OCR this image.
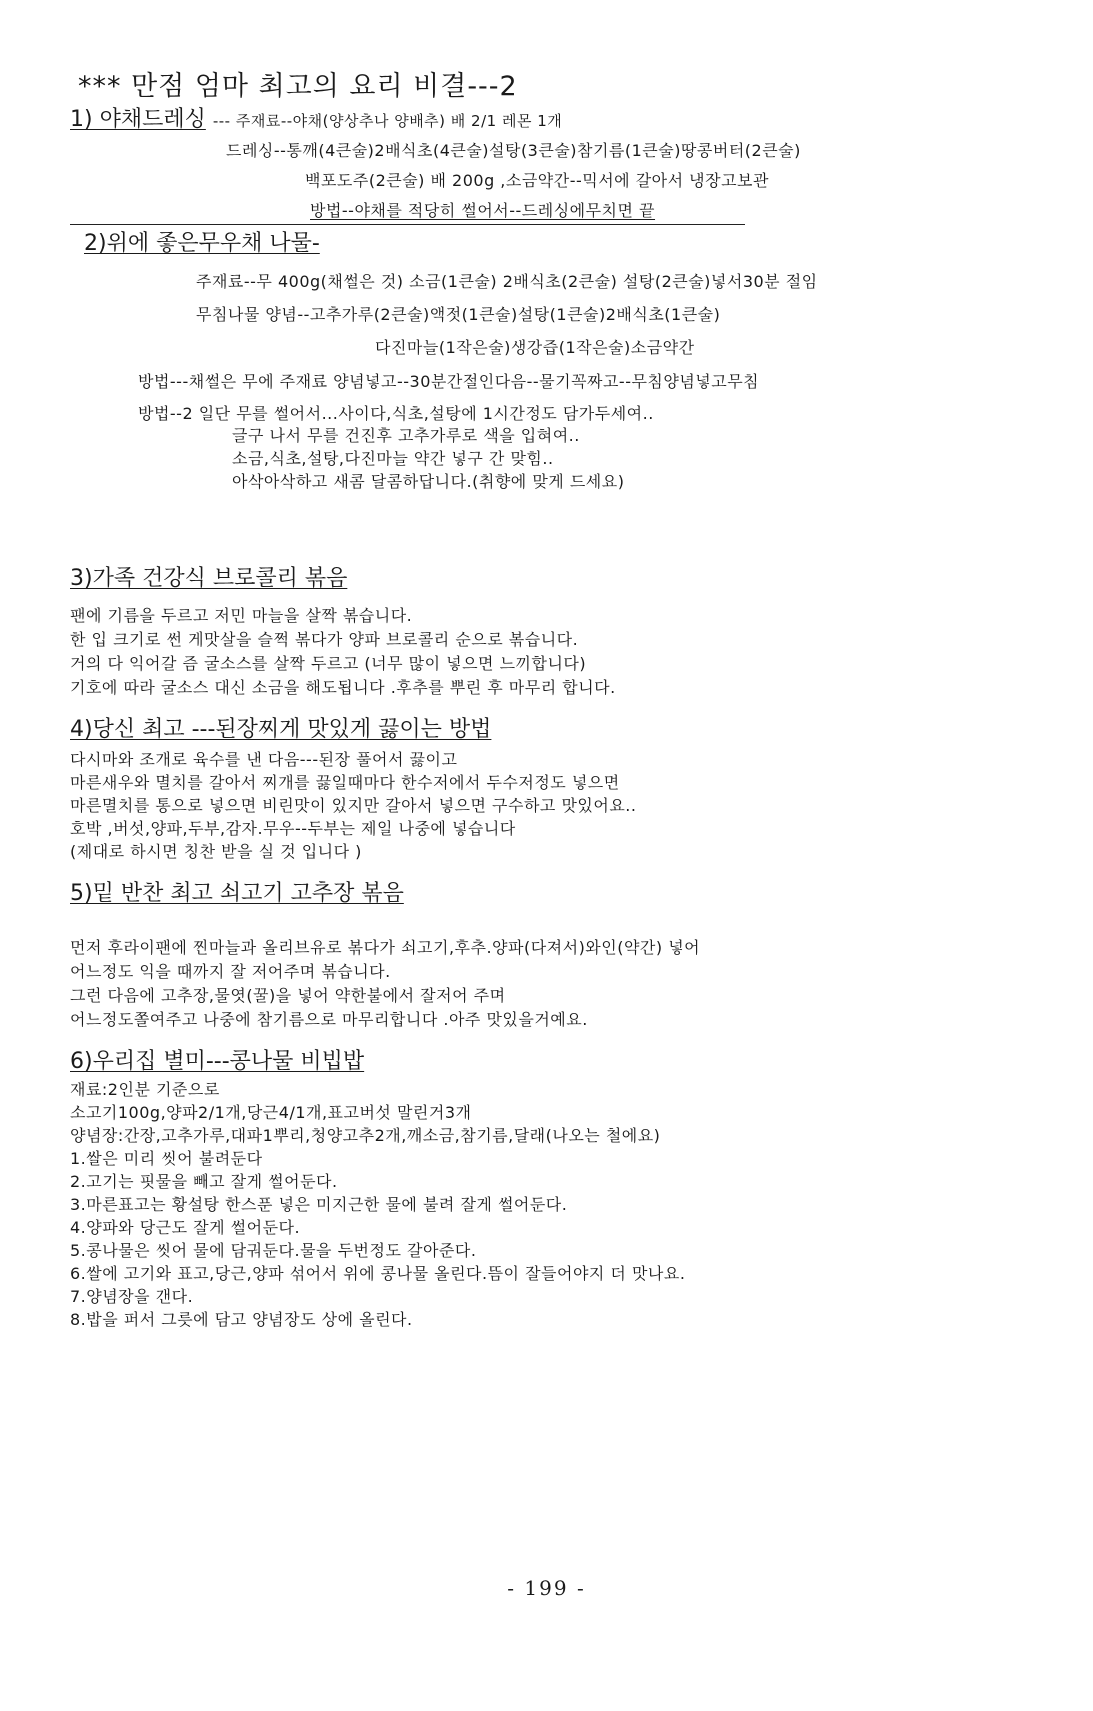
*** 만점 엄마 최고의 요리 비결---2
1) 야채드레싱 --- 주재료--야채(양상추나 양배추) 배 2/1 레몬 1개
드레싱--통깨(4큰술)2배식초(4큰술)설탕(3큰술)참기름(1큰술)땅콩버터(2큰술)
백포도주(2큰술) 배 200g ,소금약간--믹서에 갈아서 냉장고보관
방법--야채를 적당히 썰어서--드레싱에무치면 끝
2)위에 좋은무우채 나물-
주재료--무 400g(채썰은 것) 소금(1큰술) 2배식초(2큰술) 설탕(2큰술)넣서30분 절임
무침나물 양념--고추가루(2큰술)액젓(1큰술)설탕(1큰술)2배식초(1큰술)
다진마늘(1작은술)생강즙(1작은술)소금약간
방법---채썰은 무에 주재료 양념넣고--30분간절인다음--물기꼭짜고--무침양념넣고무침
방법--2 일단 무를 썰어서...사이다,식초,설탕에 1시간정도 담가두세여..
글구 나서 무를 건진후 고추가루로 색을 입혀여..
소금,식초,설탕,다진마늘 약간 넣구 간 맞힘..
아삭아삭하고 새콤 달콤하답니다.(취향에 맞게 드세요)
3)가족 건강식 브로콜리 볶음
팬에 기름을 두르고 저민 마늘을 살짝 볶습니다.
한 입 크기로 썬 게맛살을 슬쩍 볶다가 양파 브로콜리 순으로 볶습니다.
거의 다 익어갈 즘 굴소스를 살짝 두르고 (너무 많이 넣으면 느끼합니다)
기호에 따라 굴소스 대신 소금을 해도됩니다 .후추를 뿌린 후 마무리 합니다.
4)당신 최고 ---된장찌게 맛있게 끓이는 방법
다시마와 조개로 육수를 낸 다음---된장 풀어서 끓이고
마른새우와 멸치를 갈아서 찌개를 끓일때마다 한수저에서 두수저정도 넣으면
마른멸치를 통으로 넣으면 비린맛이 있지만 갈아서 넣으면 구수하고 맛있어요..
호박 ,버섯,양파,두부,감자.무우--두부는 제일 나중에 넣습니다
(제대로 하시면 칭찬 받을 실 것 입니다 )
5)밑 반찬 최고 쇠고기 고추장 볶음
먼저 후라이팬에 찐마늘과 올리브유로 볶다가 쇠고기,후추.양파(다져서)와인(약간) 넣어
어느정도 익을 때까지 잘 저어주며 볶습니다.
그런 다음에 고추장,물엿(꿀)을 넣어 약한불에서 잘저어 주며
어느정도쫄여주고 나중에 참기름으로 마무리합니다 .아주 맛있을거예요.
6)우리집 별미---콩나물 비빕밥
재료:2인분 기준으로
소고기100g,양파2/1개,당근4/1개,표고버섯 말린거3개
양념장:간장,고추가루,대파1뿌리,청양고추2개,깨소금,참기름,달래(나오는 철에요)
1.쌀은 미리 씻어 불려둔다
2.고기는 핏물을 빼고 잘게 썰어둔다.
3.마른표고는 황설탕 한스푼 넣은 미지근한 물에 불려 잘게 썰어둔다.
4.양파와 당근도 잘게 썰어둔다.
5.콩나물은 씻어 물에 담궈둔다.물을 두번정도 갈아준다.
6.쌀에 고기와 표고,당근,양파 섞어서 위에 콩나물 올린다.뜸이 잘들어야지 더 맛나요.
7.양념장을 갠다.
8.밥을 퍼서 그릇에 담고 양념장도 상에 올린다.
- 199 -
